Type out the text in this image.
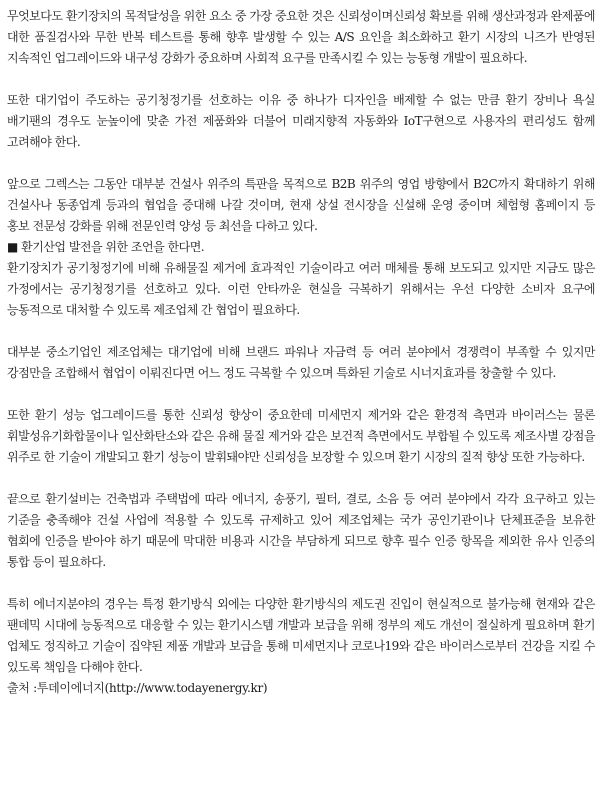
무엇보다도 환기장치의 목적달성을 위한 요소 중 가장 중요한 것은 신뢰성이며신뢰성 확보를 위해 생산과정과 완제품에 대한 품질검사와 무한 반복 테스트를 통해 향후 발생할 수 있는 A/S 요인을 최소화하고 환기 시장의 니즈가 반영된 지속적인 업그레이드와 내구성 강화가 중요하며 사회적 요구를 만족시킬 수 있는 능동형 개발이 필요하다.

또한 대기업이 주도하는 공기청정기를 선호하는 이유 중 하나가 디자인을 배제할 수 없는 만큼 환기 장비나 욕실 배기팬의 경우도 눈높이에 맞춘 가전 제품화와 더불어 미래지향적 자동화와 IoT구현으로 사용자의 편리성도 함께 고려해야 한다.

앞으로 그렉스는 그동안 대부분 건설사 위주의 특판을 목적으로 B2B 위주의 영업 방향에서 B2C까지 확대하기 위해 건설사나 동종업계 등과의 협업을 증대해 나갈 것이며, 현재 상설 전시장을 신설해 운영 중이며 체험형 홈페이지 등 홍보 전문성 강화를 위해 전문인력 양성 등 최선을 다하고 있다.

■ 환기산업 발전을 위한 조언을 한다면.

환기장치가 공기청정기에 비해 유해물질 제거에 효과적인 기술이라고 여러 매체를 통해 보도되고 있지만 지금도 많은 가정에서는 공기청정기를 선호하고 있다. 이런 안타까운 현실을 극복하기 위해서는 우선 다양한 소비자 요구에 능동적으로 대처할 수 있도록 제조업체 간 협업이 필요하다.

대부분 중소기업인 제조업체는 대기업에 비해 브랜드 파워나 자금력 등 여러 분야에서 경쟁력이 부족할 수 있지만 강점만을 조합해서 협업이 이뤄진다면 어느 정도 극복할 수 있으며 특화된 기술로 시너지효과를 창출할 수 있다.

또한 환기 성능 업그레이드를 통한 신뢰성 향상이 중요한데 미세먼지 제거와 같은 환경적 측면과 바이러스는 물론 휘발성유기화합물이나 일산화탄소와 같은 유해 물질 제거와 같은 보건적 측면에서도 부합될 수 있도록 제조사별 강점을 위주로 한 기술이 개발되고 환기 성능이 발휘돼야만 신뢰성을 보장할 수 있으며 환기 시장의 질적 향상 또한 가능하다.

끝으로 환기설비는 건축법과 주택법에 따라 에너지, 송풍기, 필터, 결로, 소음 등 여러 분야에서 각각 요구하고 있는 기준을 충족해야 건설 사업에 적용할 수 있도록 규제하고 있어 제조업체는 국가 공인기관이나 단체표준을 보유한 협회에 인증을 받아야 하기 때문에 막대한 비용과 시간을 부담하게 되므로 향후 필수 인증 항목을 제외한 유사 인증의 통합 등이 필요하다.

특히 에너지분야의 경우는 특정 환기방식 외에는 다양한 환기방식의 제도권 진입이 현실적으로 불가능해 현재와 같은 팬데믹 시대에 능동적으로 대응할 수 있는 환기시스템 개발과 보급을 위해 정부의 제도 개선이 절실하게 필요하며 환기 업체도 정직하고 기술이 집약된 제품 개발과 보급을 통해 미세먼지나 코로나19와 같은 바이러스로부터 건강을 지킬 수 있도록 책임을 다해야 한다.

출처 :투데이에너지(http://www.todayenergy.kr)
